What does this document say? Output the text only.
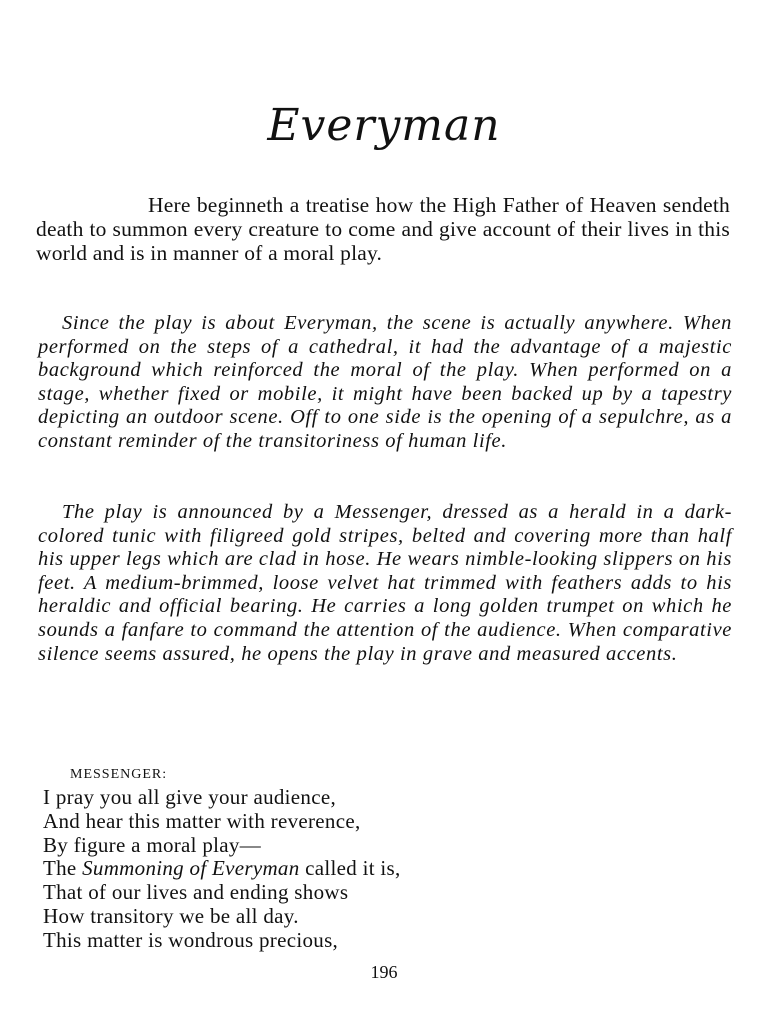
Everyman

Here beginneth a treatise how the High Father of Heaven sendeth death to summon every creature to come and give account of their lives in this world and is in manner of a moral play.

Since the play is about Everyman, the scene is actually anywhere. When performed on the steps of a cathedral, it had the advantage of a majestic background which reinforced the moral of the play. When performed on a stage, whether fixed or mobile, it might have been backed up by a tapestry depicting an outdoor scene. Off to one side is the opening of a sepulchre, as a constant reminder of the transitoriness of human life.

The play is announced by a Messenger, dressed as a herald in a dark-colored tunic with filigreed gold stripes, belted and covering more than half his upper legs which are clad in hose. He wears nimble-looking slippers on his feet. A medium-brimmed, loose velvet hat trimmed with feathers adds to his heraldic and official bearing. He carries a long golden trumpet on which he sounds a fanfare to command the attention of the audience. When comparative silence seems assured, he opens the play in grave and measured accents.

MESSENGER:
I pray you all give your audience,
And hear this matter with reverence,
By figure a moral play—
The Summoning of Everyman called it is,
That of our lives and ending shows
How transitory we be all day.
This matter is wondrous precious,
196
